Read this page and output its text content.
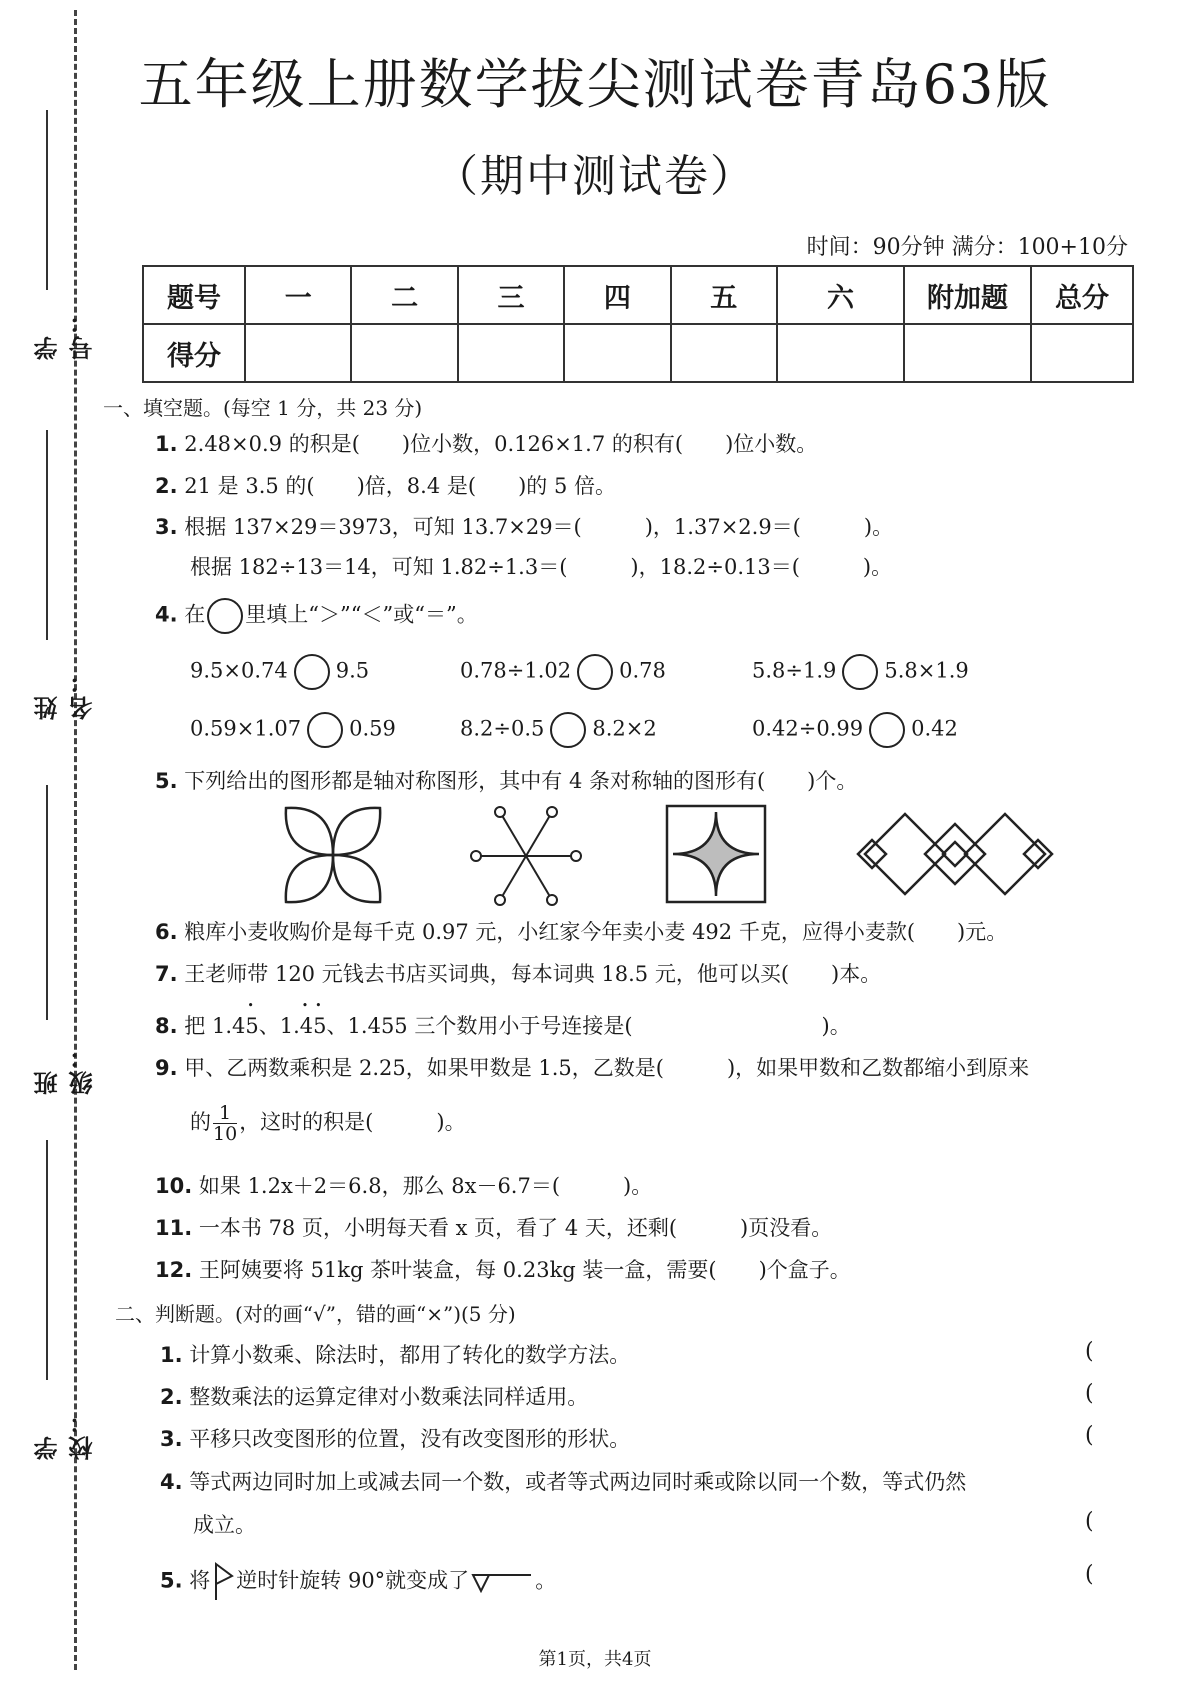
学号：
姓名：
班级：
学校：
五年级上册数学拔尖测试卷青岛63版
（期中测试卷）
时间：90分钟 满分：100+10分
题号	一	二	三	四	五	六	附加题	总分
得分								
一、填空题。(每空 1 分，共 23 分)
1. 2.48×0.9 的积是(　　)位小数，0.126×1.7 的积有(　　)位小数。
2. 21 是 3.5 的(　　)倍，8.4 是(　　)的 5 倍。
3. 根据 137×29＝3973，可知 13.7×29＝(　　　)，1.37×2.9＝(　　　)。
根据 182÷13＝14，可知 1.82÷1.3＝(　　　)，18.2÷0.13＝(　　　)。
4. 在 里填上“＞”“＜”或“＝”。
9.5×0.74 9.5	0.78÷1.02 0.78	5.8÷1.9 5.8×1.9
0.59×1.07 0.59	8.2÷0.5 8.2×2	0.42÷0.99 0.42
5. 下列给出的图形都是轴对称图形，其中有 4 条对称轴的图形有(　　)个。
6. 粮库小麦收购价是每千克 0.97 元，小红家今年卖小麦 492 千克，应得小麦款(　　)元。
7. 王老师带 120 元钱去书店买词典，每本词典 18.5 元，他可以买(　　)本。
8. 把 1.4• 5、1.• 4• 5、1.455 三个数用小于号连接是(　　　　　　　　　)。
9. 甲、乙两数乘积是 2.25，如果甲数是 1.5，乙数是(　　　)，如果甲数和乙数都缩小到原来
的 $\frac{1}{10}$ ，这时的积是(　　　)。
10. 如果 1.2x＋2＝6.8，那么 8x－6.7＝(　　　)。
11. 一本书 78 页，小明每天看 x 页，看了 4 天，还剩(　　　)页没看。
12. 王阿姨要将 51kg 茶叶装盒，每 0.23kg 装一盒，需要(　　)个盒子。
二、判断题。(对的画“√”，错的画“×”)(5 分)
1. 计算小数乘、除法时，都用了转化的数学方法。	(
2. 整数乘法的运算定律对小数乘法同样适用。	(
3. 平移只改变图形的位置，没有改变图形的形状。	(
4. 等式两边同时加上或减去同一个数，或者等式两边同时乘或除以同一个数，等式仍然
成立。	(
5. 将 逆时针旋转 90°就变成了	。	(
第1页，共4页
